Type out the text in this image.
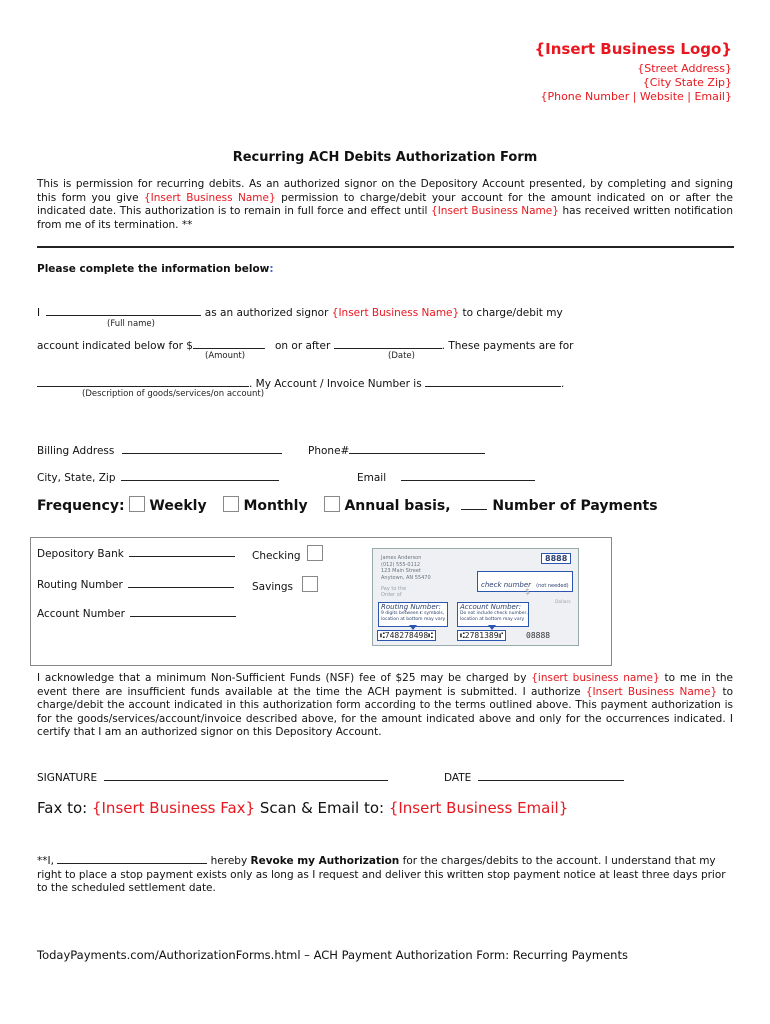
{Insert Business Logo}
{Street Address}
{City State Zip}
{Phone Number | Website | Email}
Recurring ACH Debits Authorization Form
This is permission for recurring debits. As an authorized signor on the Depository Account presented, by completing and signing this form you give {Insert Business Name} permission to charge/debit your account for the amount indicated on or after the indicated date. This authorization is to remain in full force and effect until {Insert Business Name} has received written notification from me of its termination. **
Please complete the information below:
I	as an authorized signor {Insert Business Name} to charge/debit my
(Full name)
account indicated below for $	on or after	. These payments are for
(Amount)	(Date)
. My Account / Invoice Number is	.
(Description of goods/services/on account)
Billing Address	Phone#
City, State, Zip	Email
Frequency: Weekly	Monthly	Annual basis,	Number of Payments
Depository Bank
Routing Number
Account Number
Checking
Savings
James Anderson
(012) 555-0112
123 Main Street
Anytown, AN 55470
8888
Pay to the
Order of
check number (not needed)
$
Dollars
Routing Number:
9 digits between ⑆ symbols,
location at bottom may vary
Account Number:
Do not include check number,
location at bottom may vary
⑆748278498⑆	⑆2781389⑈	08888
I acknowledge that a minimum Non-Sufficient Funds (NSF) fee of $25 may be charged by {insert business name} to me in the event there are insufficient funds available at the time the ACH payment is submitted. I authorize {Insert Business Name} to charge/debit the account indicated in this authorization form according to the terms outlined above. This payment authorization is for the goods/services/account/invoice described above, for the amount indicated above and only for the occurrences indicated. I certify that I am an authorized signor on this Depository Account.
SIGNATURE	DATE
Fax to: {Insert Business Fax} Scan & Email to: {Insert Business Email}
**I,	hereby Revoke my Authorization for the charges/debits to the account. I understand that my right to place a stop payment exists only as long as I request and deliver this written stop payment notice at least three days prior to the scheduled settlement date.
TodayPayments.com/AuthorizationForms.html – ACH Payment Authorization Form: Recurring Payments
